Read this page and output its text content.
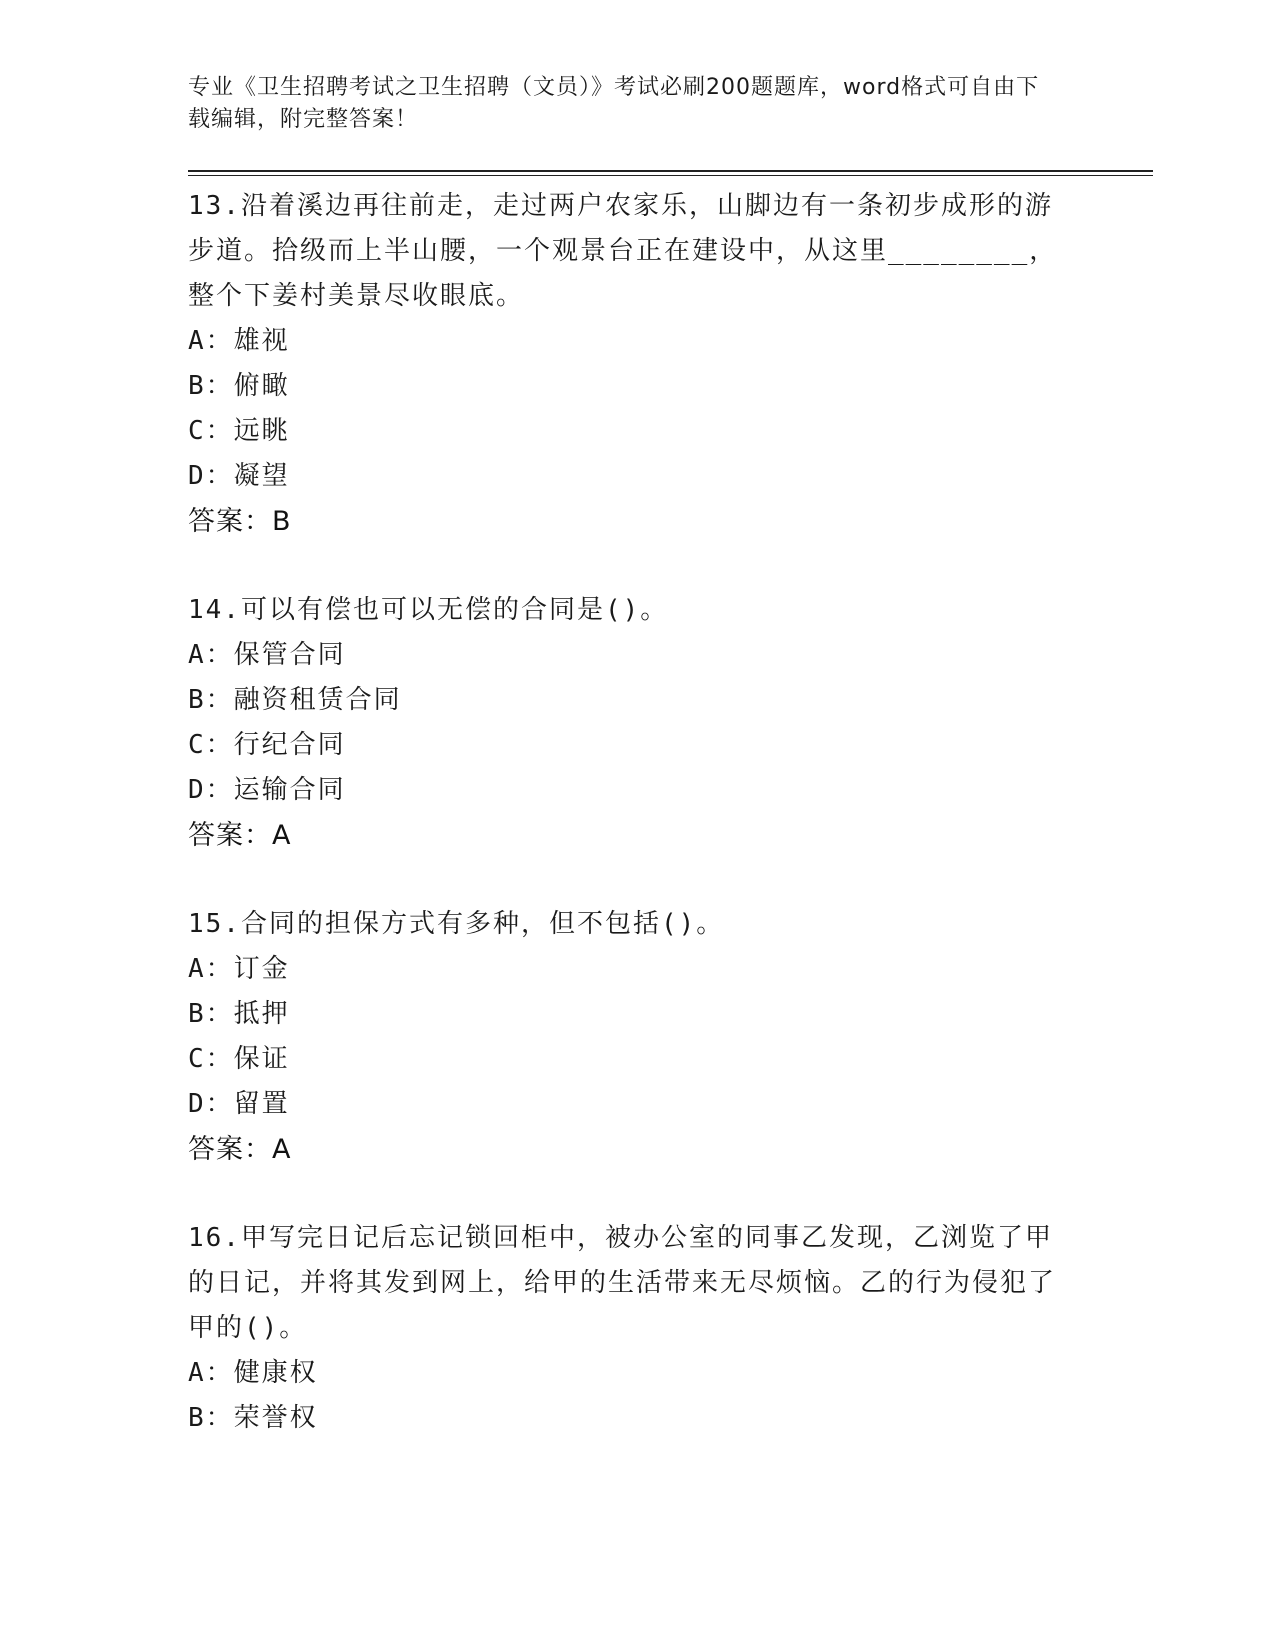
专业《卫生招聘考试之卫生招聘（文员）》考试必刷200题题库，word格式可自由下载编辑，附完整答案！
13.沿着溪边再往前走，走过两户农家乐，山脚边有一条初步成形的游步道。拾级而上半山腰，一个观景台正在建设中，从这里________，整个下姜村美景尽收眼底。
A：雄视
B：俯瞰
C：远眺
D：凝望
答案：B
14.可以有偿也可以无偿的合同是()。
A：保管合同
B：融资租赁合同
C：行纪合同
D：运输合同
答案：A
15.合同的担保方式有多种，但不包括()。
A：订金
B：抵押
C：保证
D：留置
答案：A
16.甲写完日记后忘记锁回柜中，被办公室的同事乙发现，乙浏览了甲的日记，并将其发到网上，给甲的生活带来无尽烦恼。乙的行为侵犯了甲的()。
A：健康权
B：荣誉权
